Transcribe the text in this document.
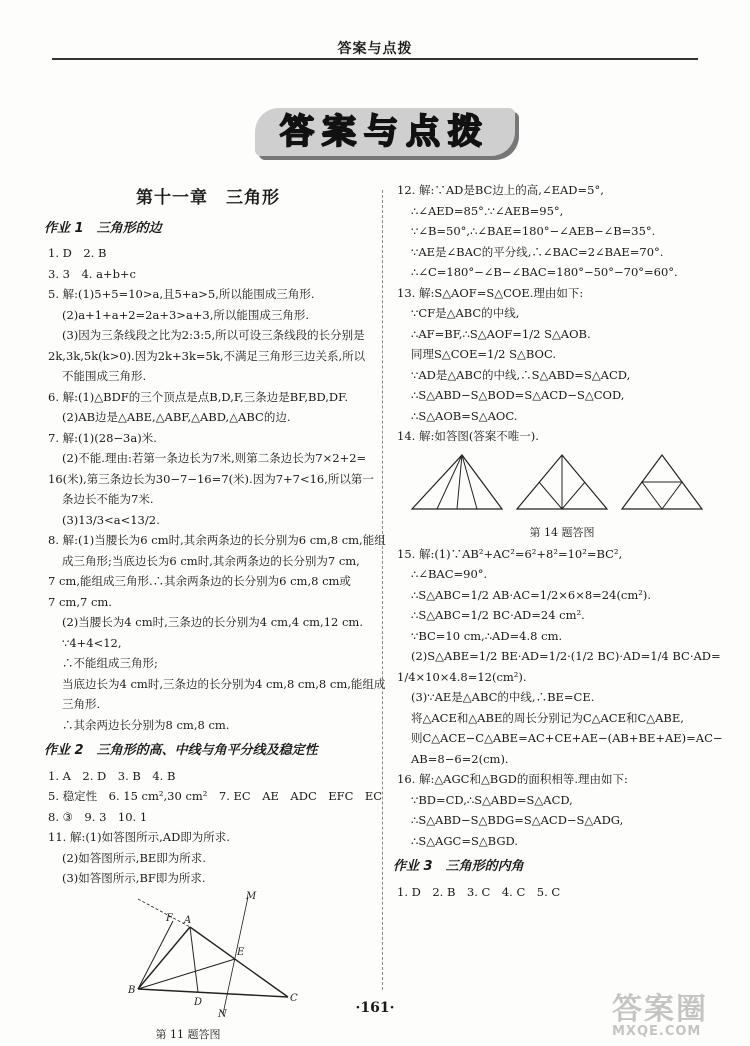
答案与点拨
答案与点拨
第十一章　三角形
作业 1　三角形的边
1. D　2. B
3. 3　4. a+b+c
5. 解:(1)5+5=10>a,且5+a>5,所以能围成三角形.
(2)a+1+a+2=2a+3>a+3,所以能围成三角形.
(3)因为三条线段之比为2:3:5,所以可设三条线段的长分别是
2k,3k,5k(k>0).因为2k+3k=5k,不满足三角形三边关系,所以
不能围成三角形.
6. 解:(1)△BDF的三个顶点是点B,D,F,三条边是BF,BD,DF.
(2)AB边是△ABE,△ABF,△ABD,△ABC的边.
7. 解:(1)(28−3a)米.
(2)不能.理由:若第一条边长为7米,则第二条边长为7×2+2=
16(米),第三条边长为30−7−16=7(米).因为7+7<16,所以第一
条边长不能为7米.
(3)13/3<a<13/2.
8. 解:(1)当腰长为6 cm时,其余两条边的长分别为6 cm,8 cm,能组
成三角形;当底边长为6 cm时,其余两条边的长分别为7 cm,
7 cm,能组成三角形.∴其余两条边的长分别为6 cm,8 cm或
7 cm,7 cm.
(2)当腰长为4 cm时,三条边的长分别为4 cm,4 cm,12 cm.
∵4+4<12,
∴不能组成三角形;
当底边长为4 cm时,三条边的长分别为4 cm,8 cm,8 cm,能组成
三角形.
∴其余两边长分别为8 cm,8 cm.
作业 2　三角形的高、中线与角平分线及稳定性
1. A　2. D　3. B　4. B
5. 稳定性　6. 15 cm²,30 cm²　7. EC　AE　ADC　EFC　EC
8. ③　9. 3　10. 1
11. 解:(1)如答图所示,AD即为所求.
(2)如答图所示,BE即为所求.
(3)如答图所示,BF即为所求.
M
F A
E
B
D	C
N
第 11 题答图
12. 解:∵AD是BC边上的高,∠EAD=5°,
∴∠AED=85°.∵∠AEB=95°,
∵∠B=50°,∴∠BAE=180°−∠AEB−∠B=35°.
∵AE是∠BAC的平分线,∴∠BAC=2∠BAE=70°.
∴∠C=180°−∠B−∠BAC=180°−50°−70°=60°.
13. 解:S△AOF=S△COE.理由如下:
∵CF是△ABC的中线,
∴AF=BF,∴S△AOF=1/2 S△AOB.
同理S△COE=1/2 S△BOC.
∵AD是△ABC的中线,∴S△ABD=S△ACD,
∴S△ABD−S△BOD=S△ACD−S△COD,
∴S△AOB=S△AOC.
14. 解:如答图(答案不唯一).
第 14 题答图
15. 解:(1)∵AB²+AC²=6²+8²=10²=BC²,
∴∠BAC=90°.
∴S△ABC=1/2 AB·AC=1/2×6×8=24(cm²).
∴S△ABC=1/2 BC·AD=24 cm².
∵BC=10 cm,∴AD=4.8 cm.
(2)S△ABE=1/2 BE·AD=1/2·(1/2 BC)·AD=1/4 BC·AD=
1/4×10×4.8=12(cm²).
(3)∵AE是△ABC的中线,∴BE=CE.
将△ACE和△ABE的周长分别记为C△ACE和C△ABE,
则C△ACE−C△ABE=AC+CE+AE−(AB+BE+AE)=AC−
AB=8−6=2(cm).
16. 解:△AGC和△BGD的面积相等.理由如下:
∵BD=CD,∴S△ABD=S△ACD,
∴S△ABD−S△BDG=S△ACD−S△ADG,
∴S△AGC=S△BGD.
作业 3　三角形的内角
1. D　2. B　3. C　4. C　5. C
·161·	答案圈
MXQE.COM
